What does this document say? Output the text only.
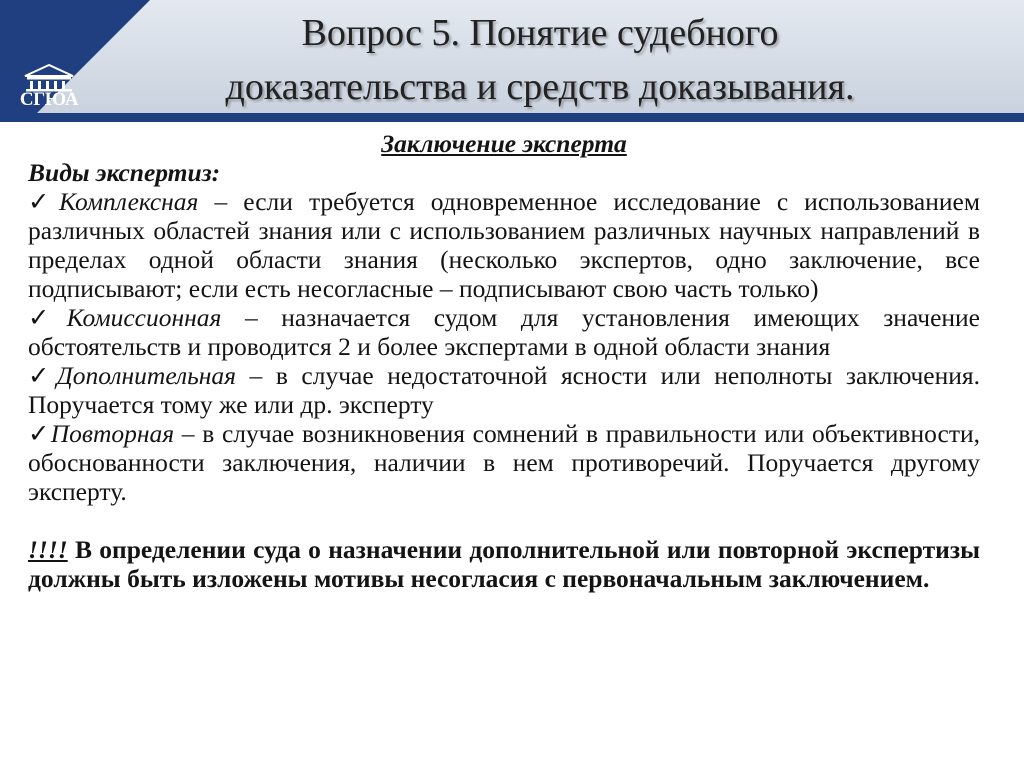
СГЮА
Вопрос 5. Понятие судебного
доказательства и средств доказывания.
Заключение эксперта
Виды экспертиз:
✓Комплексная – если требуется одновременное исследование с использованием различных областей знания или с использованием различных научных направлений в пределах одной области знания (несколько экспертов, одно заключение, все подписывают; если есть несогласные – подписывают свою часть только)
✓Комиссионная – назначается судом для установления имеющих значение обстоятельств и проводится 2 и более экспертами в одной области знания
✓Дополнительная – в случае недостаточной ясности или неполноты заключения. Поручается тому же или др. эксперту
✓Повторная – в случае возникновения сомнений в правильности или объективности, обоснованности заключения, наличии в нем противоречий. Поручается другому эксперту.
!!!! В определении суда о назначении дополнительной или повторной экспертизы должны быть изложены мотивы несогласия с первоначальным заключением.
